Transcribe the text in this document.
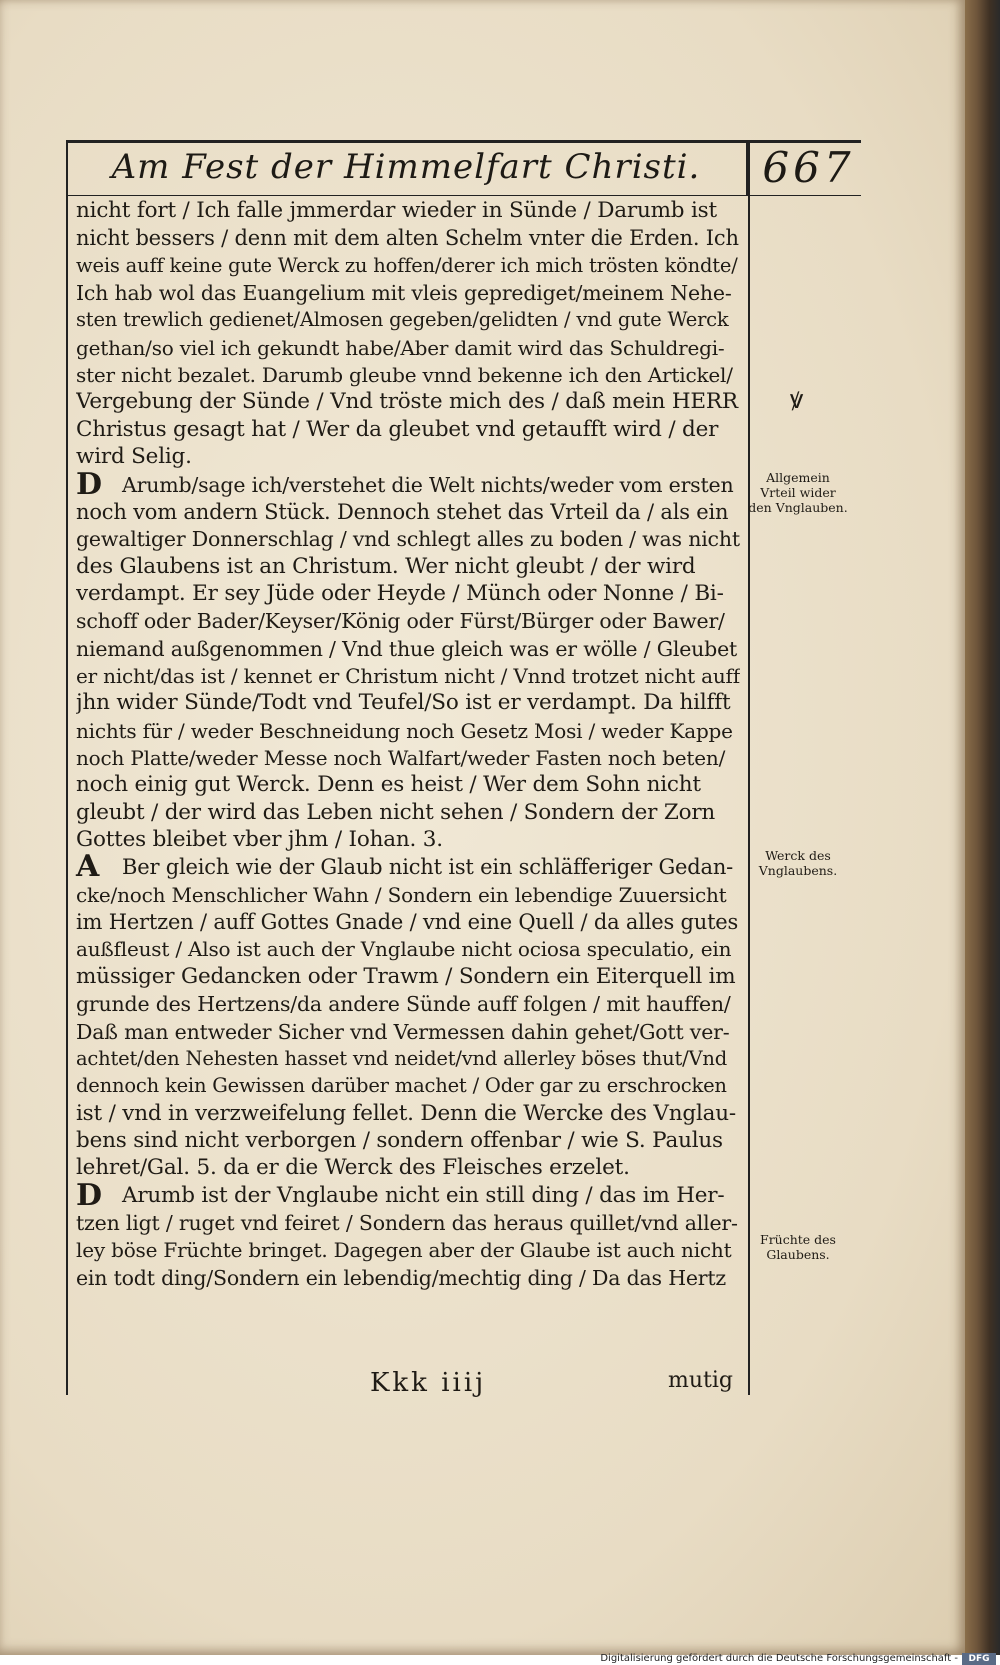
Am Fest der Himmelfart Christi.	667
nicht fort / Ich falle jmmerdar wieder in Sünde / Darumb ist
nicht bessers / denn mit dem alten Schelm vnter die Erden. Ich
weis auff keine gute Werck zu hoffen/derer ich mich trösten köndte/
Ich hab wol das Euangelium mit vleis geprediget/meinem Nehe-
sten trewlich gedienet/Almosen gegeben/gelidten / vnd gute Werck
gethan/so viel ich gekundt habe/Aber damit wird das Schuldregi-
ster nicht bezalet. Darumb gleube vnnd bekenne ich den Artickel/
Vergebung der Sünde / Vnd tröste mich des / daß mein HERR
Christus gesagt hat / Wer da gleubet vnd getaufft wird / der
wird Selig.
D Arumb/sage ich/verstehet die Welt nichts/weder vom ersten
noch vom andern Stück. Dennoch stehet das Vrteil da / als ein
gewaltiger Donnerschlag / vnd schlegt alles zu boden / was nicht
des Glaubens ist an Christum. Wer nicht gleubt / der wird
verdampt. Er sey Jüde oder Heyde / Münch oder Nonne / Bi-
schoff oder Bader/Keyser/König oder Fürst/Bürger oder Bawer/
niemand außgenommen / Vnd thue gleich was er wölle / Gleubet
er nicht/das ist / kennet er Christum nicht / Vnnd trotzet nicht auff
jhn wider Sünde/Todt vnd Teufel/So ist er verdampt. Da hilfft
nichts für / weder Beschneidung noch Gesetz Mosi / weder Kappe
noch Platte/weder Messe noch Walfart/weder Fasten noch beten/
noch einig gut Werck. Denn es heist / Wer dem Sohn nicht
gleubt / der wird das Leben nicht sehen / Sondern der Zorn
Gottes bleibet vber jhm / Iohan. 3.
A	Ber gleich wie der Glaub nicht ist ein schläfferiger Gedan-
cke/noch Menschlicher Wahn / Sondern ein lebendige Zuuersicht
im Hertzen / auff Gottes Gnade / vnd eine Quell / da alles gutes
außfleust / Also ist auch der Vnglaube nicht ociosa speculatio, ein
müssiger Gedancken oder Trawm / Sondern ein Eiterquell im
grunde des Hertzens/da andere Sünde auff folgen / mit hauffen/
Daß man entweder Sicher vnd Vermessen dahin gehet/Gott ver-
achtet/den Nehesten hasset vnd neidet/vnd allerley böses thut/Vnd
dennoch kein Gewissen darüber machet / Oder gar zu erschrocken
ist / vnd in verzweifelung fellet. Denn die Wercke des Vnglau-
bens sind nicht verborgen / sondern offenbar / wie S. Paulus
lehret/Gal. 5. da er die Werck des Fleisches erzelet.
D Arumb ist der Vnglaube nicht ein still ding / das im Her-
tzen ligt / ruget vnd feiret / Sondern das heraus quillet/vnd aller-
ley böse Früchte bringet. Dagegen aber der Glaube ist auch nicht
ein todt ding/Sondern ein lebendig/mechtig ding / Da das Hertz
ꝟ
Allgemein Vrteil wider den Vnglauben.
Werck des Vnglaubens.
Früchte des Glaubens.
Kkk iiij	mutig
Digitalisierung gefördert durch die Deutsche Forschungsgemeinschaft -	DFG
